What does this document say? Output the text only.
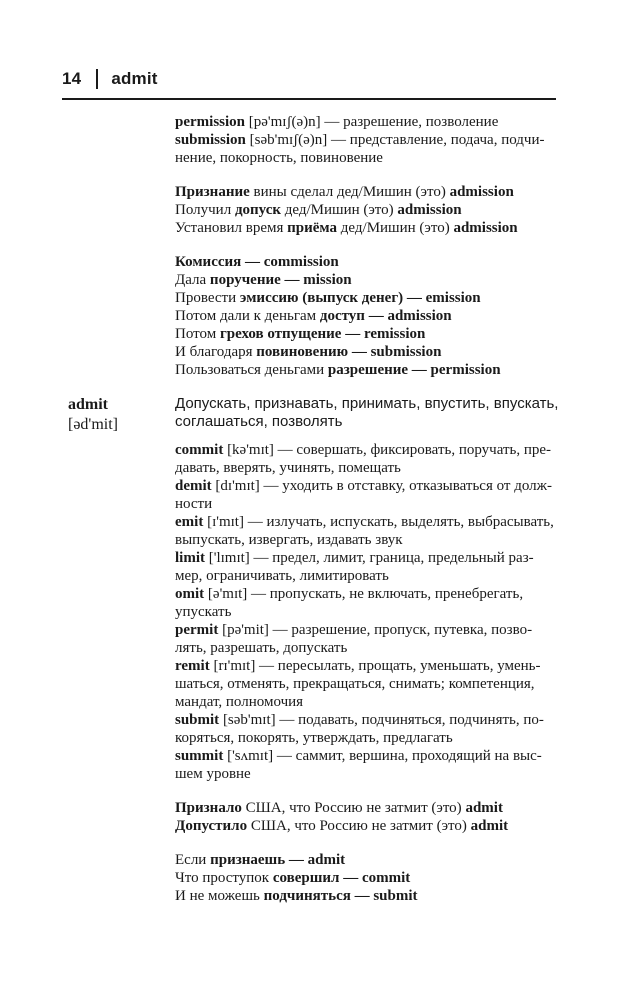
14 admit
permission [pə'mɪʃ(ə)n] — разрешение, позволение
submission [səb'mɪʃ(ə)n] — представление, подача, подчи-
нение, покорность, повиновение
Признание вины сделал дед/Мишин (это) admission
Получил допуск дед/Мишин (это) admission
Установил время приёма дед/Мишин (это) admission
Комиссия — commission
Дала поручение — mission
Провести эмиссию (выпуск денег) — emission
Потом дали к деньгам доступ — admission
Потом грехов отпущение — remission
И благодаря повиновению — submission
Пользоваться деньгами разрешение — permission
admit
[əd'mit]
Допускать, признавать, принимать, впустить, впускать,
соглашаться, позволять
commit [kə'mɪt] — совершать, фиксировать, поручать, пре-
давать, вверять, учинять, помещать
demit [dɪ'mɪt] — уходить в отставку, отказываться от долж-
ности
emit [ɪ'mɪt] — излучать, испускать, выделять, выбрасывать,
выпускать, извергать, издавать звук
limit ['lɪmɪt] — предел, лимит, граница, предельный раз-
мер, ограничивать, лимитировать
omit [ə'mɪt] — пропускать, не включать, пренебрегать,
упускать
permit [pə'mit] — разрешение, пропуск, путевка, позво-
лять, разрешать, допускать
remit [rɪ'mɪt] — пересылать, прощать, уменьшать, умень-
шаться, отменять, прекращаться, снимать; компетенция,
мандат, полномочия
submit [səb'mɪt] — подавать, подчиняться, подчинять, по-
коряться, покорять, утверждать, предлагать
summit ['sʌmɪt] — саммит, вершина, проходящий на выс-
шем уровне
Признало США, что Россию не затмит (это) admit
Допустило США, что Россию не затмит (это) admit
Если признаешь — admit
Что проступок совершил — commit
И не можешь подчиняться — submit
